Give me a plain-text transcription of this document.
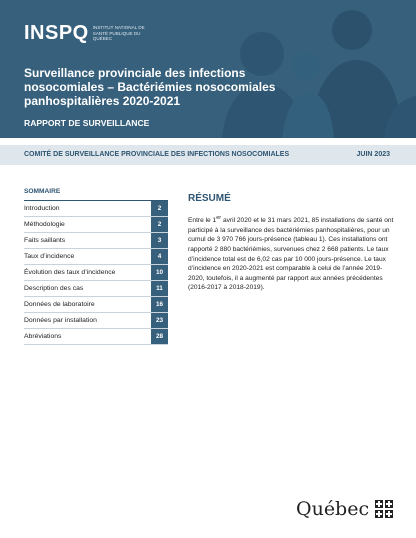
INSPQ INSTITUT NATIONAL DE SANTÉ PUBLIQUE DU QUÉBEC
Surveillance provinciale des infections nosocomiales – Bactériémies nosocomiales panhospitalières 2020-2021
RAPPORT DE SURVEILLANCE
COMITÉ DE SURVEILLANCE PROVINCIALE DES INFECTIONS NOSOCOMIALES	JUIN 2023
SOMMAIRE
Introduction	2
Méthodologie	2
Faits saillants	3
Taux d’incidence	4
Évolution des taux d’incidence	10
Description des cas	11
Données de laboratoire	16
Données par installation	23
Abréviations	28
RÉSUMÉ

Entre le 1er avril 2020 et le 31 mars 2021, 85 installations de santé ont participé à la surveillance des bactériémies panhospitalières, pour un cumul de 3 970 766 jours-présence (tableau 1). Ces installations ont rapporté 2 880 bactériémies, survenues chez 2 668 patients. Le taux d’incidence total est de 6,02 cas par 10 000 jours-présence. Le taux d’incidence en 2020-2021 est comparable à celui de l’année 2019-2020, toutefois, il a augmenté par rapport aux années précédentes (2016-2017 à 2018-2019).

Québec
